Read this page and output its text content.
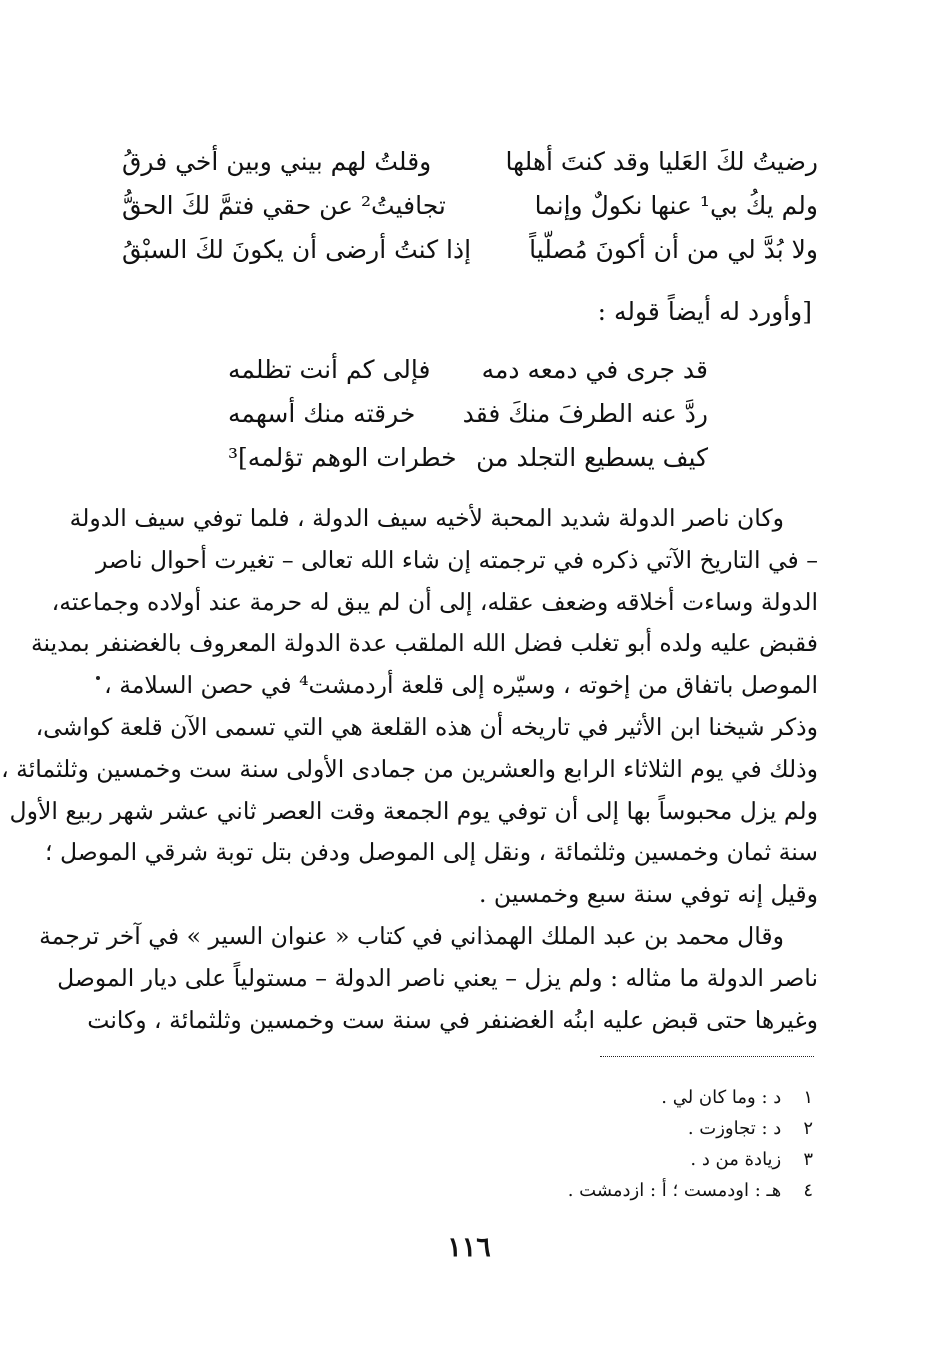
رضيتُ لكَ العَليا وقد كنتَ أهلها
وقلتُ لهم بيني وبين أخي فرقُ
ولم يكُ بي¹ عنها نكولٌ وإنما
تجافيتُ² عن حقي فتمَّ لكَ الحقُّ
ولا بُدَّ لي من أن أكونَ مُصلّياً
إذا كنتُ أرضى أن يكونَ لكَ السبْقُ
[وأورد له أيضاً قوله :
قد جرى في دمعه دمه
فإلى كم أنت تظلمه
ردَّ عنه الطرفَ منكَ فقد
خرقته منك أسهمه
كيف يسطيع التجلد من
خطرات الوهم تؤلمه]³
وكان ناصر الدولة شديد المحبة لأخيه سيف الدولة ، فلما توفي سيف الدولة
– في التاريخ الآتي ذكره في ترجمته إن شاء الله تعالى – تغيرت أحوال ناصر
الدولة وساءت أخلاقه وضعف عقله، إلى أن لم يبق له حرمة عند أولاده وجماعته،
فقبض عليه ولده أبو تغلب فضل الله الملقب عدة الدولة المعروف بالغضنفر بمدينة
الموصل باتفاق من إخوته ، وسيّره إلى قلعة أردمشت⁴ في حصن السلامة ،
وذكر شيخنا ابن الأثير في تاريخه أن هذه القلعة هي التي تسمى الآن قلعة كواشى،
وذلك في يوم الثلاثاء الرابع والعشرين من جمادى الأولى سنة ست وخمسين وثلثمائة ،
ولم يزل محبوساً بها إلى أن توفي يوم الجمعة وقت العصر ثاني عشر شهر ربيع الأول
سنة ثمان وخمسين وثلثمائة ، ونقل إلى الموصل ودفن بتل توبة شرقي الموصل ؛
وقيل إنه توفي سنة سبع وخمسين .
وقال محمد بن عبد الملك الهمذاني في كتاب « عنوان السير » في آخر ترجمة
ناصر الدولة ما مثاله : ولم يزل – يعني ناصر الدولة – مستولياً على ديار الموصل
وغيرها حتى قبض عليه ابنُه الغضنفر في سنة ست وخمسين وثلثمائة ، وكانت
١ د : وما كان لي .
٢ د : تجاوزت .
٣ زيادة من د .
٤ هـ : اودمست ؛ أ : ازدمشت .
١١٦
